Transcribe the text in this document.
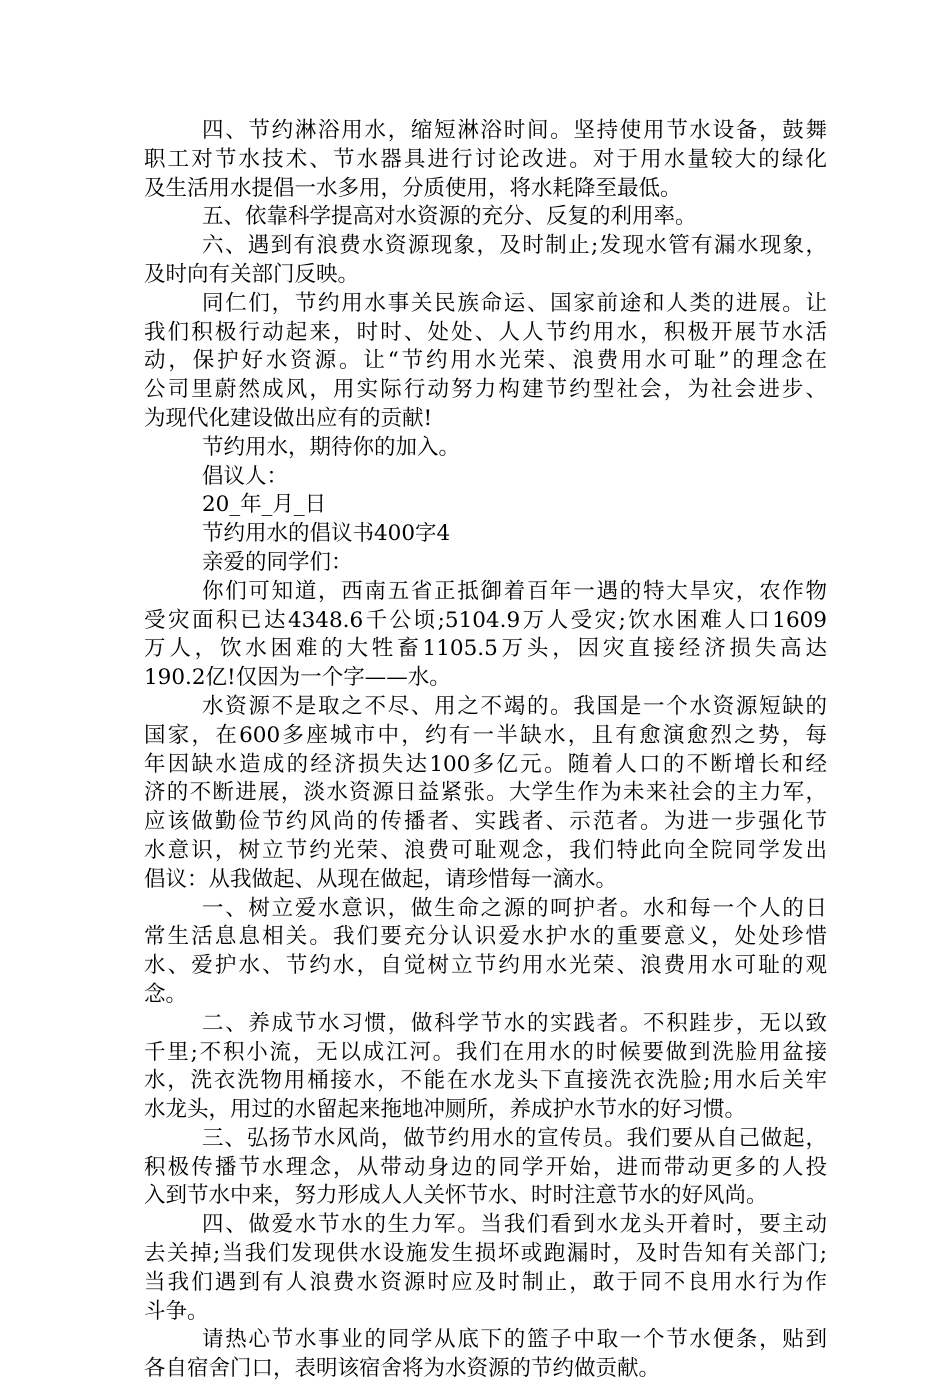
四、节约淋浴用水，缩短淋浴时间。坚持使用节水设备，鼓舞
职工对节水技术、节水器具进行讨论改进。对于用水量较大的绿化
及生活用水提倡一水多用，分质使用，将水耗降至最低。
五、依靠科学提高对水资源的充分、反复的利用率。
六、遇到有浪费水资源现象，及时制止;发现水管有漏水现象，
及时向有关部门反映。
同仁们，节约用水事关民族命运、国家前途和人类的进展。让
我们积极行动起来，时时、处处、人人节约用水，积极开展节水活
动，保护好水资源。让“节约用水光荣、浪费用水可耻”的理念在
公司里蔚然成风，用实际行动努力构建节约型社会，为社会进步、
为现代化建设做出应有的贡献!
节约用水，期待你的加入。
倡议人：
20_年_月_日
节约用水的倡议书400字4
亲爱的同学们：
你们可知道，西南五省正抵御着百年一遇的特大旱灾，农作物
受灾面积已达4348.6千公顷;5104.9万人受灾;饮水困难人口1609
万人，饮水困难的大牲畜1105.5万头，因灾直接经济损失高达
190.2亿!仅因为一个字——水。
水资源不是取之不尽、用之不竭的。我国是一个水资源短缺的
国家，在600多座城市中，约有一半缺水，且有愈演愈烈之势，每
年因缺水造成的经济损失达100多亿元。随着人口的不断增长和经
济的不断进展，淡水资源日益紧张。大学生作为未来社会的主力军，
应该做勤俭节约风尚的传播者、实践者、示范者。为进一步强化节
水意识，树立节约光荣、浪费可耻观念，我们特此向全院同学发出
倡议：从我做起、从现在做起，请珍惜每一滴水。
一、树立爱水意识，做生命之源的呵护者。水和每一个人的日
常生活息息相关。我们要充分认识爱水护水的重要意义，处处珍惜
水、爱护水、节约水，自觉树立节约用水光荣、浪费用水可耻的观
念。
二、养成节水习惯，做科学节水的实践者。不积跬步，无以致
千里;不积小流，无以成江河。我们在用水的时候要做到洗脸用盆接
水，洗衣洗物用桶接水，不能在水龙头下直接洗衣洗脸;用水后关牢
水龙头，用过的水留起来拖地冲厕所，养成护水节水的好习惯。
三、弘扬节水风尚，做节约用水的宣传员。我们要从自己做起，
积极传播节水理念，从带动身边的同学开始，进而带动更多的人投
入到节水中来，努力形成人人关怀节水、时时注意节水的好风尚。
四、做爱水节水的生力军。当我们看到水龙头开着时，要主动
去关掉;当我们发现供水设施发生损坏或跑漏时，及时告知有关部门;
当我们遇到有人浪费水资源时应及时制止，敢于同不良用水行为作
斗争。
请热心节水事业的同学从底下的篮子中取一个节水便条，贴到
各自宿舍门口，表明该宿舍将为水资源的节约做贡献。
